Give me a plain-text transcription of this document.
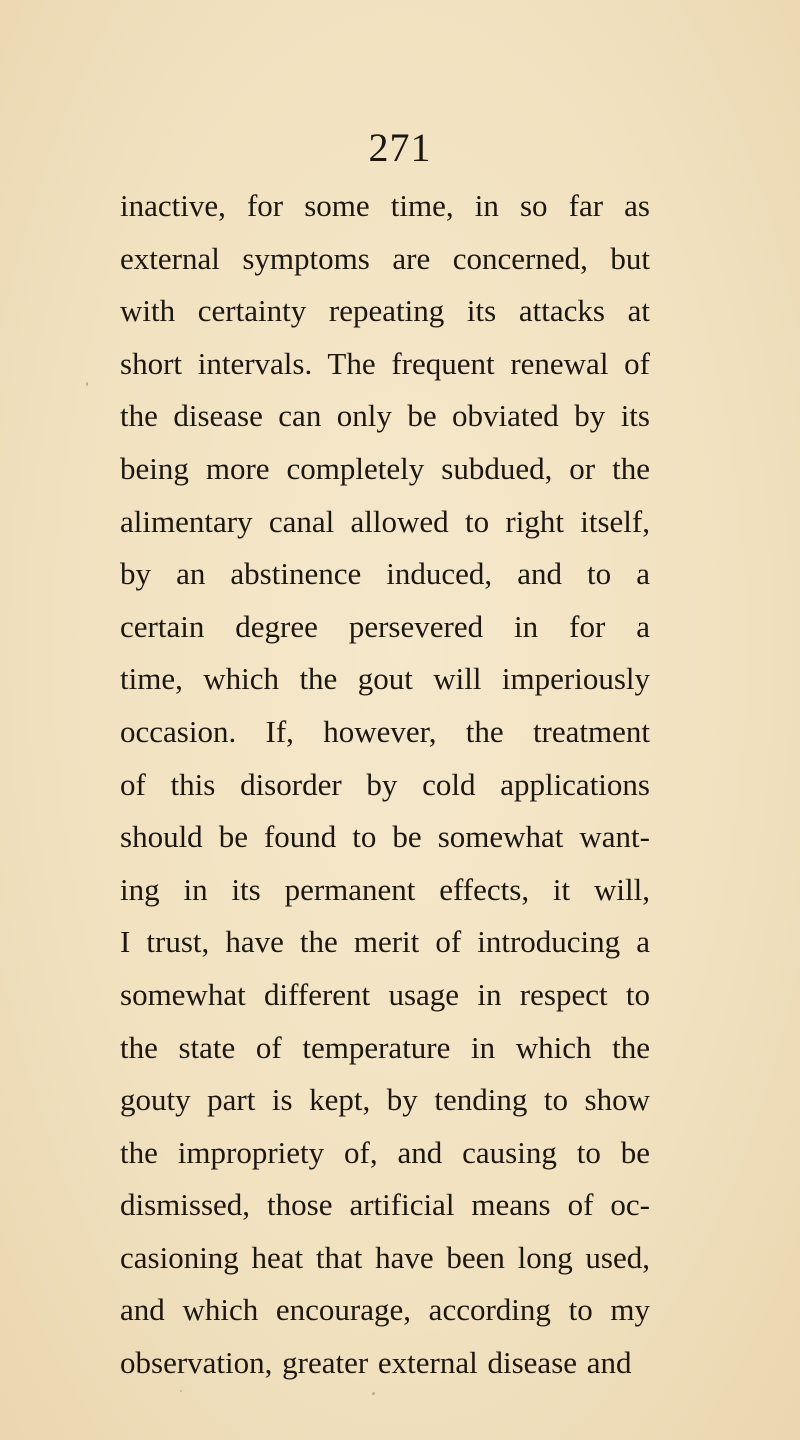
271

inactive, for some time, in so far as
external symptoms are concerned, but
with certainty repeating its attacks at
short intervals. The frequent renewal of
the disease can only be obviated by its
being more completely subdued, or the
alimentary canal allowed to right itself,
by an abstinence induced, and to a
certain degree persevered in for a
time, which the gout will imperiously
occasion. If, however, the treatment
of this disorder by cold applications
should be found to be somewhat want-
ing in its permanent effects, it will,
I trust, have the merit of introducing a
somewhat different usage in respect to
the state of temperature in which the
gouty part is kept, by tending to show
the impropriety of, and causing to be
dismissed, those artificial means of oc-
casioning heat that have been long used,
and which encourage, according to my
observation, greater external disease and
